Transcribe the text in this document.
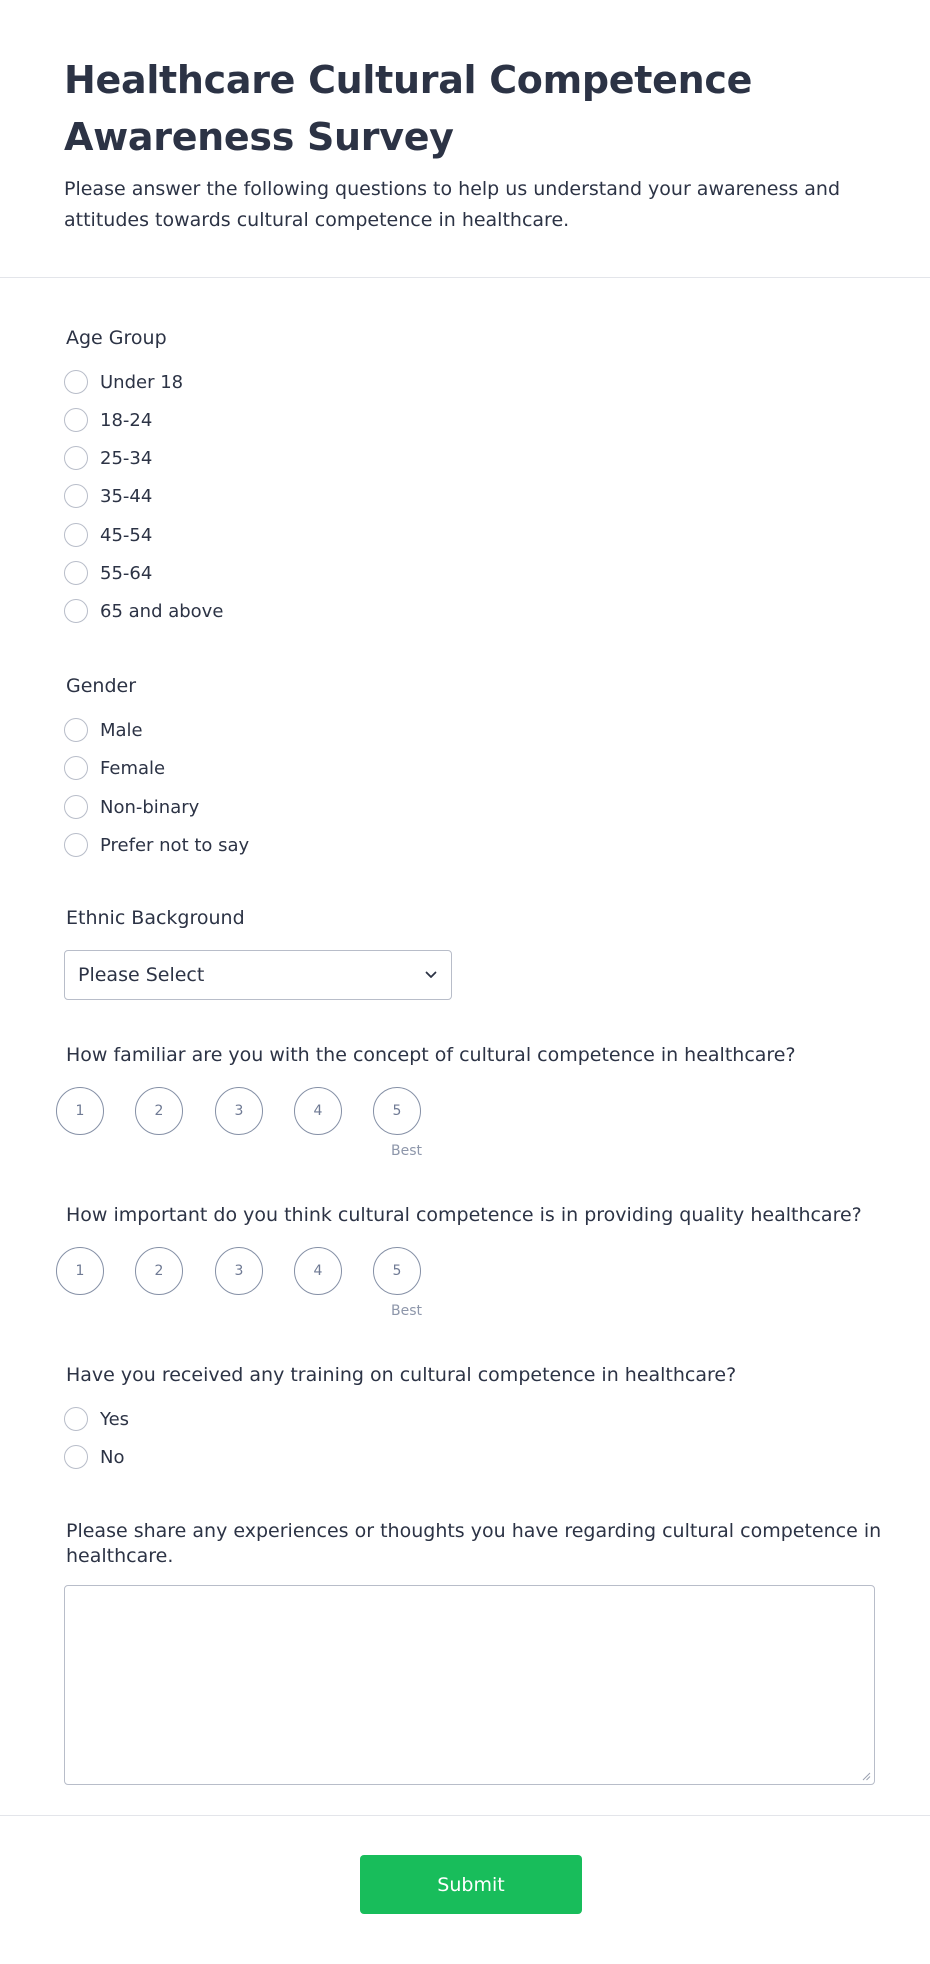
Healthcare Cultural Competence Awareness Survey

Please answer the following questions to help us understand your awareness and attitudes towards cultural competence in healthcare.

Age Group
Under 18
18-24
25-34
35-44
45-54
55-64
65 and above
Gender
Male
Female
Non-binary
Prefer not to say
Ethnic Background
Please Select
How familiar are you with the concept of cultural competence in healthcare?
1	2	3	4	5
Best
How important do you think cultural competence is in providing quality healthcare?
1	2	3	4	5
Best
Have you received any training on cultural competence in healthcare?
Yes
No
Please share any experiences or thoughts you have regarding cultural competence in healthcare.
Submit
